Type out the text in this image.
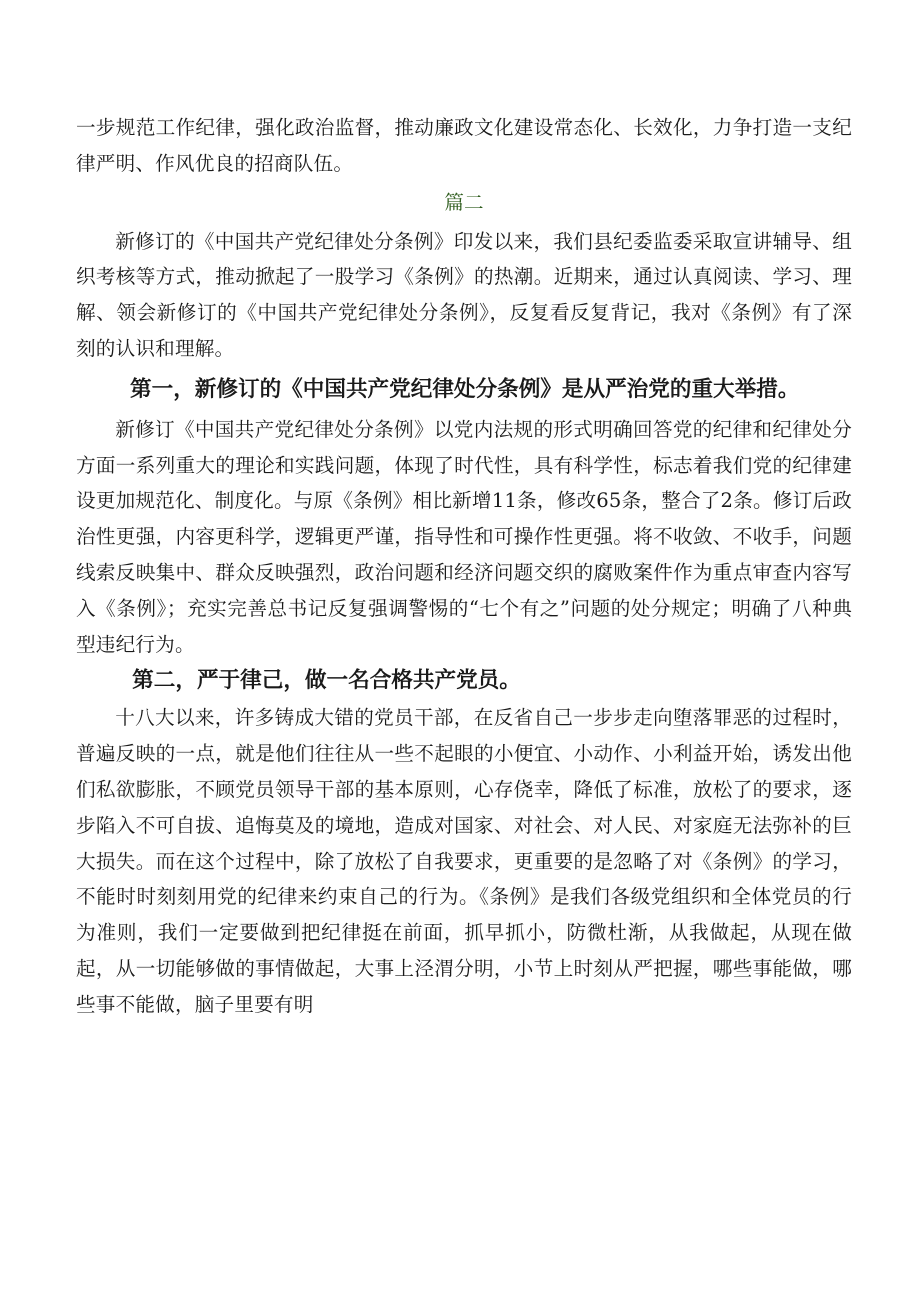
一步规范工作纪律，强化政治监督，推动廉政文化建设常态化、长效化，力争打造一支纪律严明、作风优良的招商队伍。

篇二

新修订的《中国共产党纪律处分条例》印发以来，我们县纪委监委采取宣讲辅导、组织考核等方式，推动掀起了一股学习《条例》的热潮。近期来，通过认真阅读、学习、理解、领会新修订的《中国共产党纪律处分条例》，反复看反复背记，我对《条例》有了深刻的认识和理解。

第一，新修订的《中国共产党纪律处分条例》是从严治党的重大举措。

新修订《中国共产党纪律处分条例》以党内法规的形式明确回答党的纪律和纪律处分方面一系列重大的理论和实践问题，体现了时代性，具有科学性，标志着我们党的纪律建设更加规范化、制度化。与原《条例》相比新增11条，修改65条，整合了2条。修订后政治性更强，内容更科学，逻辑更严谨，指导性和可操作性更强。将不收敛、不收手，问题线索反映集中、群众反映强烈，政治问题和经济问题交织的腐败案件作为重点审查内容写入《条例》；充实完善总书记反复强调警惕的“七个有之”问题的处分规定；明确了八种典型违纪行为。

第二，严于律己，做一名合格共产党员。

十八大以来，许多铸成大错的党员干部，在反省自己一步步走向堕落罪恶的过程时，普遍反映的一点，就是他们往往从一些不起眼的小便宜、小动作、小利益开始，诱发出他们私欲膨胀，不顾党员领导干部的基本原则，心存侥幸，降低了标准，放松了的要求，逐步陷入不可自拔、追悔莫及的境地，造成对国家、对社会、对人民、对家庭无法弥补的巨大损失。而在这个过程中，除了放松了自我要求，更重要的是忽略了对《条例》的学习，不能时时刻刻用党的纪律来约束自己的行为。《条例》是我们各级党组织和全体党员的行为准则，我们一定要做到把纪律挺在前面，抓早抓小，防微杜渐，从我做起，从现在做起，从一切能够做的事情做起，大事上泾渭分明，小节上时刻从严把握，哪些事能做，哪些事不能做，脑子里要有明
